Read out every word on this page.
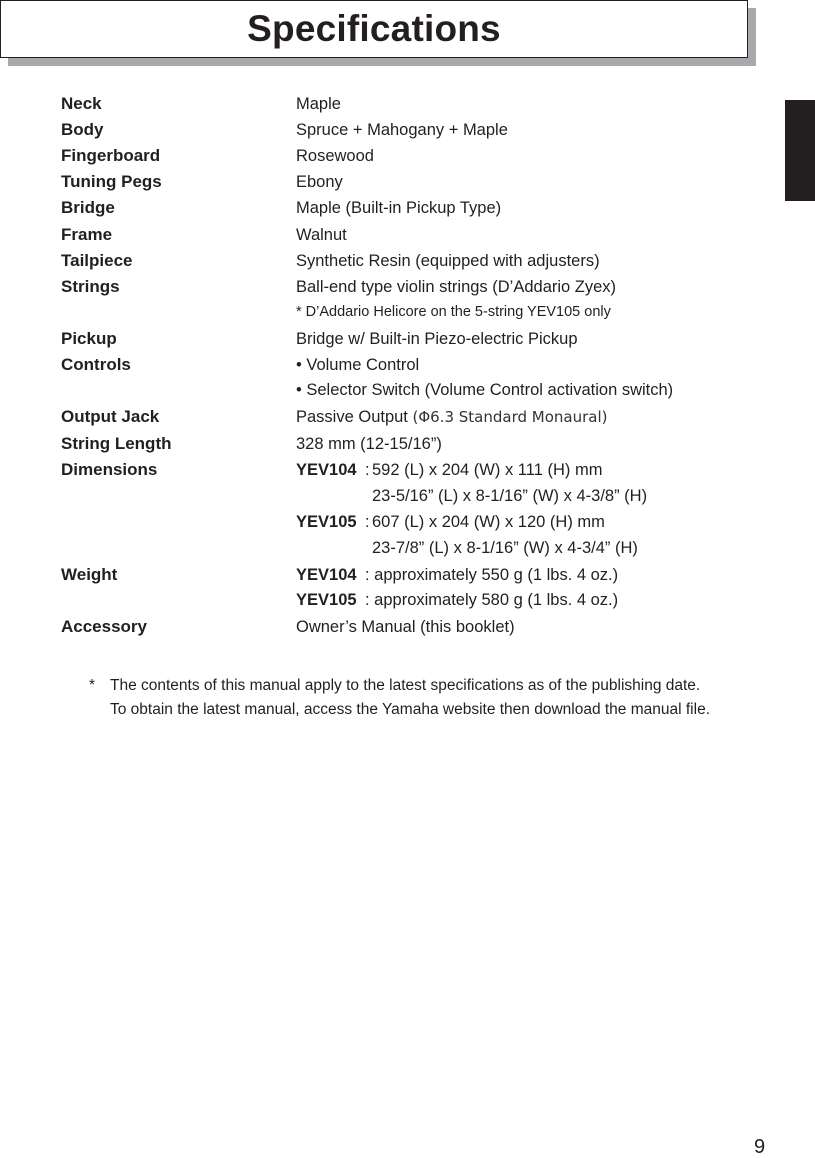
Specifications
Neck	Maple
Body	Spruce + Mahogany + Maple
Fingerboard	Rosewood
Tuning Pegs	Ebony
Bridge	Maple (Built-in Pickup Type)
Frame	Walnut
Tailpiece	Synthetic Resin (equipped with adjusters)
Strings	Ball-end type violin strings (D’Addario Zyex)
* D’Addario Helicore on the 5-string YEV105 only
Pickup	Bridge w/ Built-in Piezo-electric Pickup
Controls	• Volume Control
• Selector Switch (Volume Control activation switch)
Output Jack	Passive Output (Φ6.3 Standard Monaural)
String Length	328 mm (12-15/16”)
Dimensions	YEV104 : 592 (L) x 204 (W) x 111 (H) mm
23-5/16” (L) x 8-1/16” (W) x 4-3/8” (H)
YEV105 : 607 (L) x 204 (W) x 120 (H) mm
23-7/8” (L) x 8-1/16” (W) x 4-3/4” (H)
Weight	YEV104 : approximately 550 g (1 lbs. 4 oz.)
YEV105 : approximately 580 g (1 lbs. 4 oz.)
Accessory	Owner’s Manual (this booklet)
* The contents of this manual apply to the latest specifications as of the publishing date.
To obtain the latest manual, access the Yamaha website then download the manual file.
9
